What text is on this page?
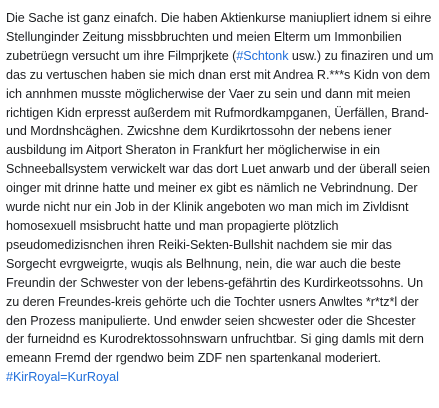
Die Sache ist ganz einafch. Die haben Aktienkurse maniupliert idnem si eihre Stellunginder Zeitung missbbruchten und meien Elterm um Immonbilien zubetrüegn versucht um ihre Filmprjkete (#Schtonk usw.) zu finaziren und um das zu vertuschen haben sie mich dnan erst mit Andrea R.***s Kidn von dem ich annhmen musste möglicherwise der Vaer zu sein und dann mit meien richtigen Kidn erpresst außerdem mit Rufmordkampganen, Üerfällen, Brand- und Mordnshcäghen. Zwicshne dem Kurdikrtossohn der nebens iener ausbildung im Aitport Sheraton in Frankfurt her möglicherwise in ein Schneeballsystem verwickelt war das dort Luet anwarb und der überall seien oinger mit drinne hatte und meiner ex gibt es nämlich ne Vebrindnung. Der wurde nicht nur ein Job in der Klinik angeboten wo man mich im Zivldisnt homosexuell msisbrucht hatte und man propagierte plötzlich pseudomedizisnchen ihren Reiki-Sekten-Bullshit nachdem sie mir das Sorgecht evrgweigrte, wuqis als Belhnung, nein, die war auch die beste Freundin der Schwester von der lebens-gefährtin des Kurdirkeotssohns. Un zu deren Freundes-kreis gehörte uch die Tochter usners Anwltes *r*tz*l der den Prozess manipulierte. Und enwder seien shcwester oder die Shcester der furneidnd es Kurodrektossohnswarn unfruchtbar. Si ging damls mit dern emeann Fremd der rgendwo beim ZDF nen spartenkanal moderiert. #KirRoyal=KurRoyal
